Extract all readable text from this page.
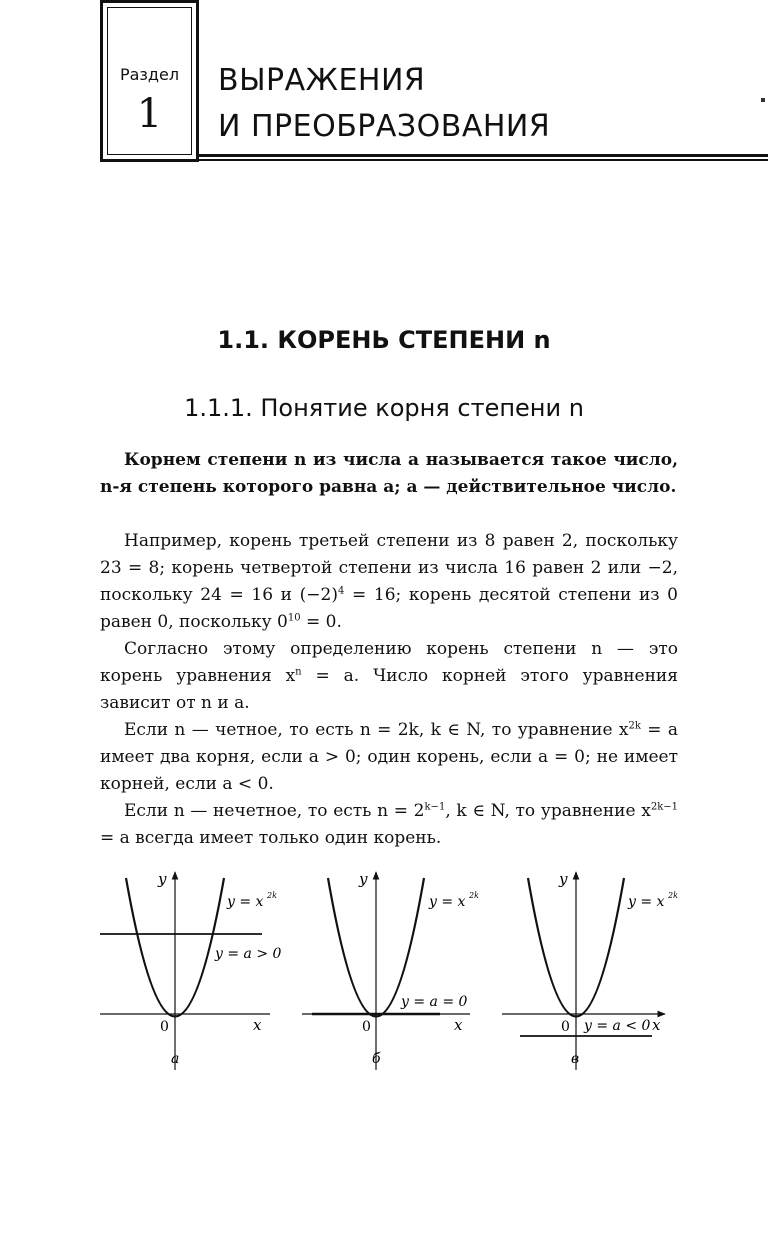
Раздел
1
ВЫРАЖЕНИЯ
И ПРЕОБРАЗОВАНИЯ
1.1. КОРЕНЬ СТЕПЕНИ n
1.1.1. Понятие корня степени n

Корнем степени n из числа a называется такое число, n-я степень которого равна a; a — действительное число.

Например, корень третьей степени из 8 равен 2, поскольку 23 = 8; корень четвертой степени из числа 16 равен 2 или −2, поскольку 24 = 16 и $(-2)^4 = 16$; корень десятой степени из 0 равен 0, поскольку $0^{10} = 0$.

Согласно этому определению корень степени n — это корень уравнения $x^n = a$. Число корней этого уравнения зависит от n и a.

Если n — четное, то есть n = 2k, k ∈ N, то уравнение $x^{2k} = a$ имеет два корня, если a > 0; один корень, если a = 0; не имеет корней, если a < 0.

Если n — нечетное, то есть $n = 2^{k-1}$, k ∈ N, то уравнение $x^{2k-1} = a$ всегда имеет только один корень.

y
x
0
y = x 2k
y = a > 0
а
y
x
0
y = x 2k
y = a = 0
б
y
x
0
y = x 2k
y = a < 0
в
